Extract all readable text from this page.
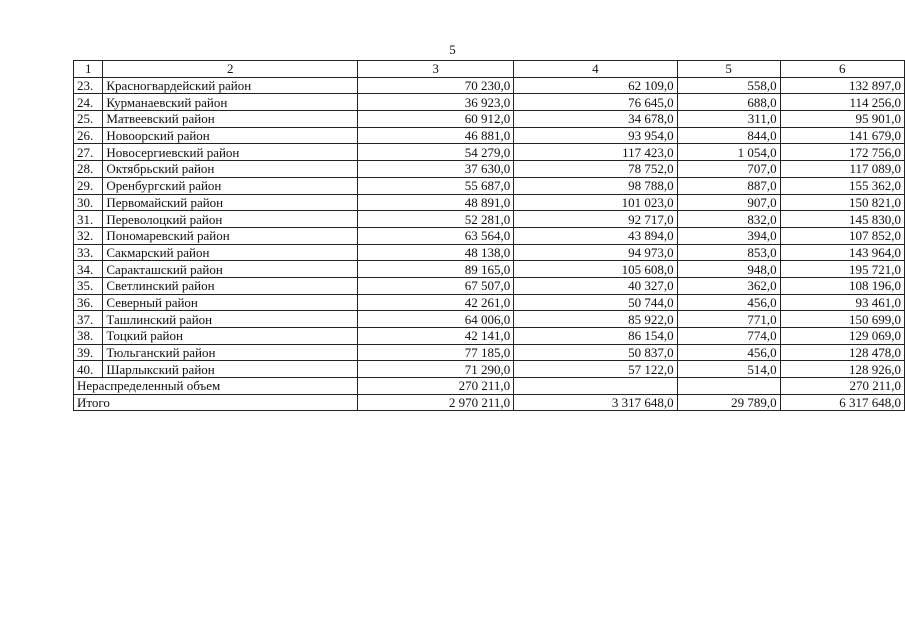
5
1	2	3	4	5	6
23.	Красногвардейский район	70 230,0	62 109,0	558,0	132 897,0
24.	Курманаевский район	36 923,0	76 645,0	688,0	114 256,0
25.	Матвеевский район	60 912,0	34 678,0	311,0	95 901,0
26.	Новоорский район	46 881,0	93 954,0	844,0	141 679,0
27.	Новосергиевский район	54 279,0	117 423,0	1 054,0	172 756,0
28.	Октябрьский район	37 630,0	78 752,0	707,0	117 089,0
29.	Оренбургский район	55 687,0	98 788,0	887,0	155 362,0
30.	Первомайский район	48 891,0	101 023,0	907,0	150 821,0
31.	Переволоцкий район	52 281,0	92 717,0	832,0	145 830,0
32.	Пономаревский район	63 564,0	43 894,0	394,0	107 852,0
33.	Сакмарский район	48 138,0	94 973,0	853,0	143 964,0
34.	Саракташский район	89 165,0	105 608,0	948,0	195 721,0
35.	Светлинский район	67 507,0	40 327,0	362,0	108 196,0
36.	Северный район	42 261,0	50 744,0	456,0	93 461,0
37.	Ташлинский район	64 006,0	85 922,0	771,0	150 699,0
38.	Тоцкий район	42 141,0	86 154,0	774,0	129 069,0
39.	Тюльганский район	77 185,0	50 837,0	456,0	128 478,0
40.	Шарлыкский район	71 290,0	57 122,0	514,0	128 926,0
Нераспределенный объем		270 211,0			270 211,0
Итого		2 970 211,0	3 317 648,0	29 789,0	6 317 648,0
